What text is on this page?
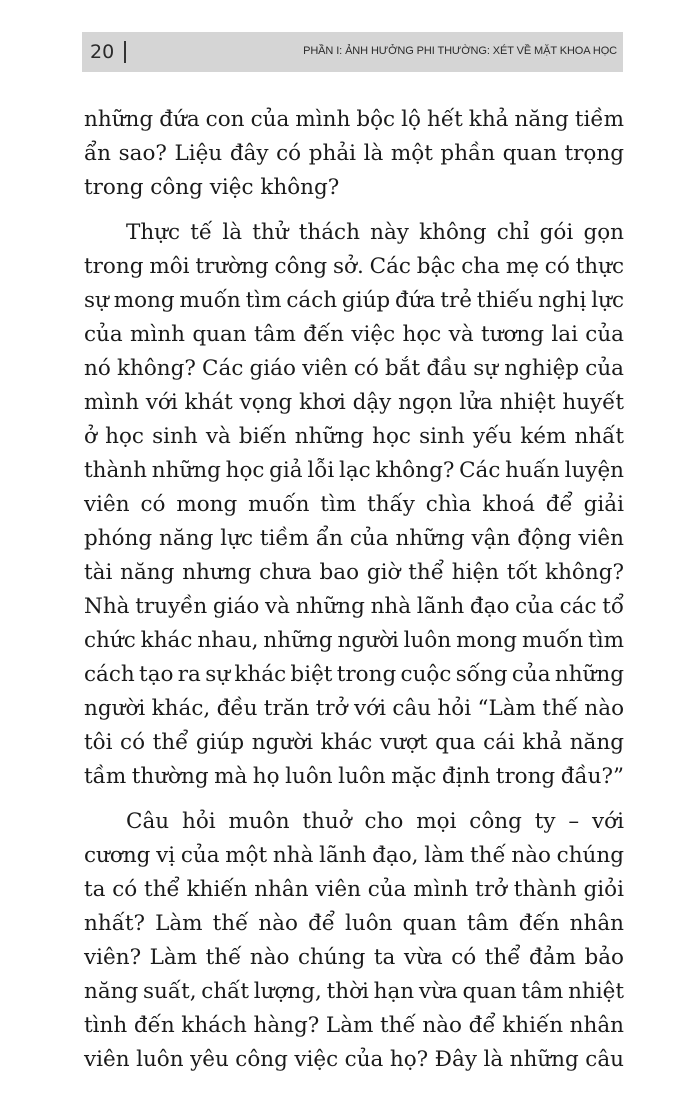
20	PHẦN I: ẢNH HƯỞNG PHI THƯỜNG: XÉT VỀ MẶT KHOA HỌC

những đứa con của mình bộc lộ hết khả năng tiềm
ẩn sao? Liệu đây có phải là một phần quan trọng
trong công việc không?

Thực tế là thử thách này không chỉ gói gọn
trong môi trường công sở. Các bậc cha mẹ có thực
sự mong muốn tìm cách giúp đứa trẻ thiếu nghị lực
của mình quan tâm đến việc học và tương lai của
nó không? Các giáo viên có bắt đầu sự nghiệp của
mình với khát vọng khơi dậy ngọn lửa nhiệt huyết
ở học sinh và biến những học sinh yếu kém nhất
thành những học giả lỗi lạc không? Các huấn luyện
viên có mong muốn tìm thấy chìa khoá để giải
phóng năng lực tiềm ẩn của những vận động viên
tài năng nhưng chưa bao giờ thể hiện tốt không?
Nhà truyền giáo và những nhà lãnh đạo của các tổ
chức khác nhau, những người luôn mong muốn tìm
cách tạo ra sự khác biệt trong cuộc sống của những
người khác, đều trăn trở với câu hỏi “Làm thế nào
tôi có thể giúp người khác vượt qua cái khả năng
tầm thường mà họ luôn luôn mặc định trong đầu?”

Câu hỏi muôn thuở cho mọi công ty – với
cương vị của một nhà lãnh đạo, làm thế nào chúng
ta có thể khiến nhân viên của mình trở thành giỏi
nhất? Làm thế nào để luôn quan tâm đến nhân
viên? Làm thế nào chúng ta vừa có thể đảm bảo
năng suất, chất lượng, thời hạn vừa quan tâm nhiệt
tình đến khách hàng? Làm thế nào để khiến nhân
viên luôn yêu công việc của họ? Đây là những câu
